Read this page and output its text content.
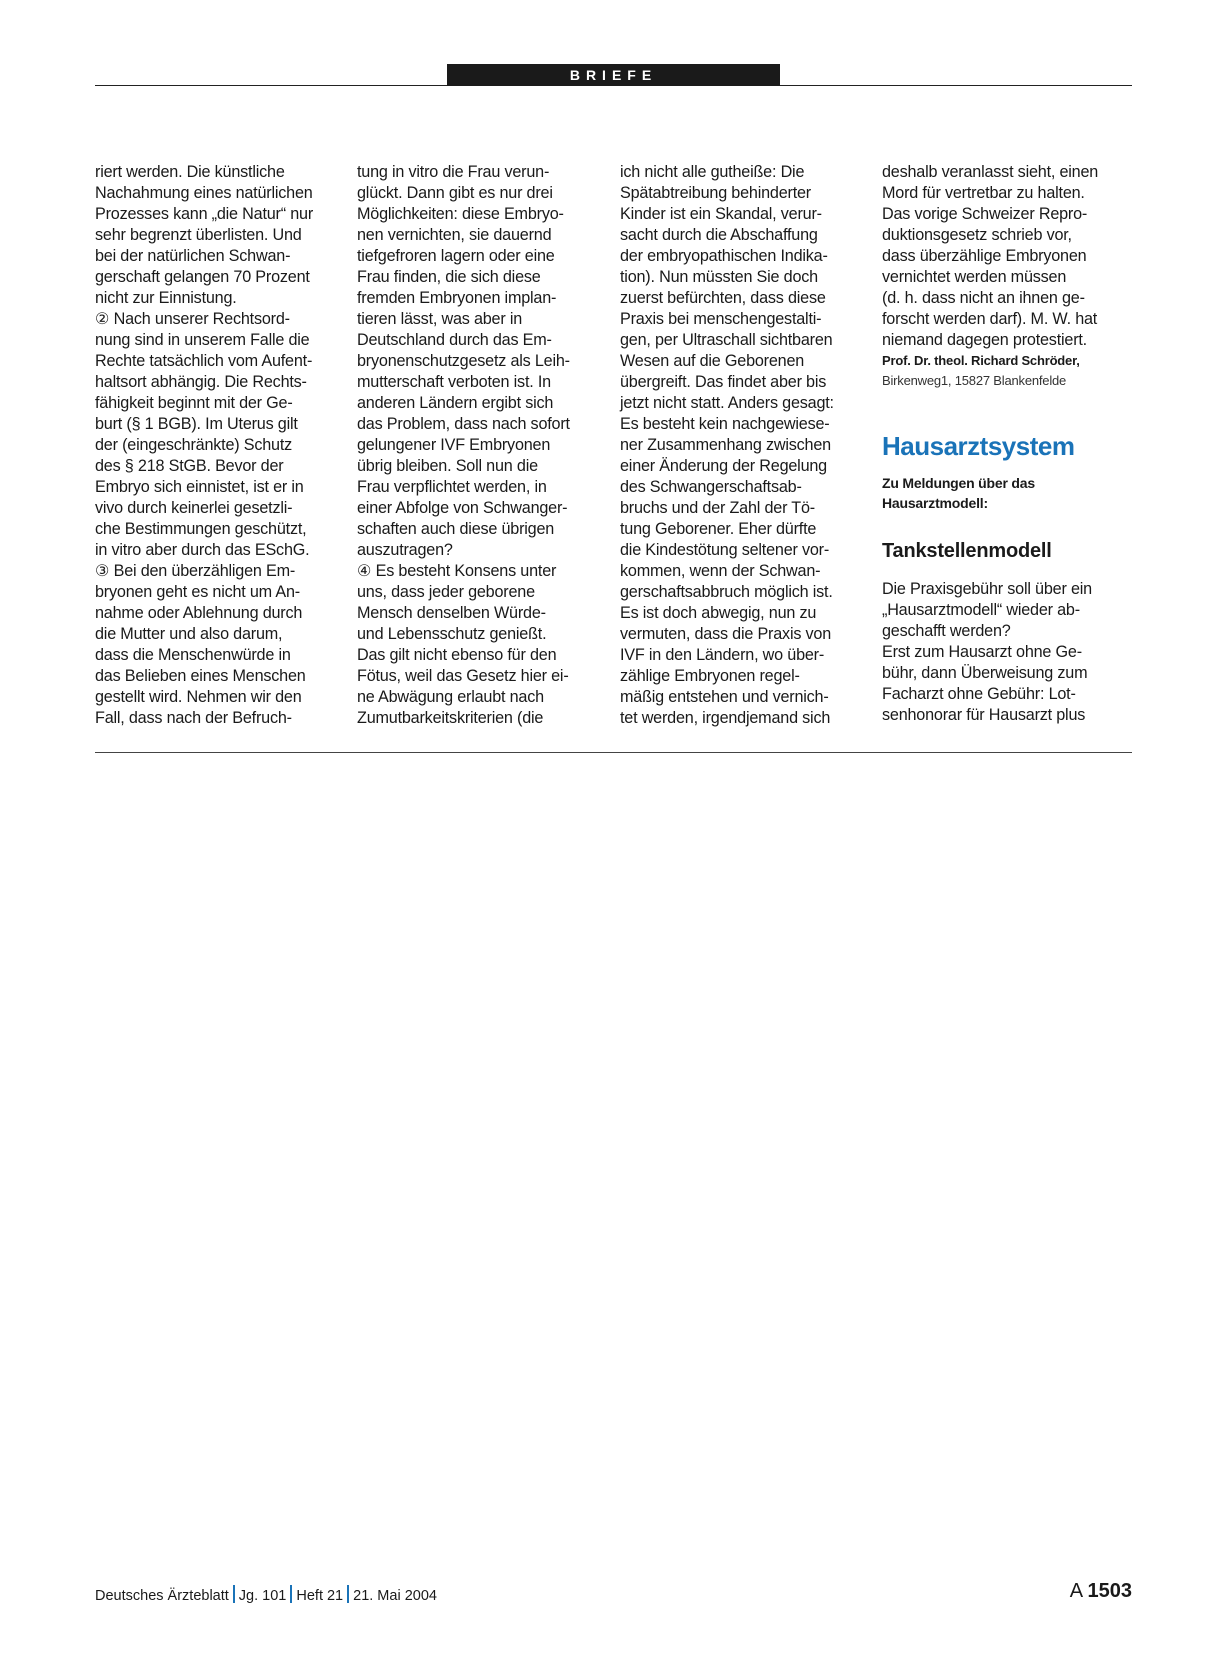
BRIEFE
riert werden. Die künstliche
Nachahmung eines natürlichen
Prozesses kann „die Natur“ nur
sehr begrenzt überlisten. Und
bei der natürlichen Schwan-
gerschaft gelangen 70 Prozent
nicht zur Einnistung.
② Nach unserer Rechtsord-
nung sind in unserem Falle die
Rechte tatsächlich vom Aufent-
haltsort abhängig. Die Rechts-
fähigkeit beginnt mit der Ge-
burt (§ 1 BGB). Im Uterus gilt
der (eingeschränkte) Schutz
des § 218 StGB. Bevor der
Embryo sich einnistet, ist er in
vivo durch keinerlei gesetzli-
che Bestimmungen geschützt,
in vitro aber durch das ESchG.
③ Bei den überzähligen Em-
bryonen geht es nicht um An-
nahme oder Ablehnung durch
die Mutter und also darum,
dass die Menschenwürde in
das Belieben eines Menschen
gestellt wird. Nehmen wir den
Fall, dass nach der Befruch-
tung in vitro die Frau verun-
glückt. Dann gibt es nur drei
Möglichkeiten: diese Embryo-
nen vernichten, sie dauernd
tiefgefroren lagern oder eine
Frau finden, die sich diese
fremden Embryonen implan-
tieren lässt, was aber in
Deutschland durch das Em-
bryonenschutzgesetz als Leih-
mutterschaft verboten ist. In
anderen Ländern ergibt sich
das Problem, dass nach sofort
gelungener IVF Embryonen
übrig bleiben. Soll nun die
Frau verpflichtet werden, in
einer Abfolge von Schwanger-
schaften auch diese übrigen
auszutragen?
④ Es besteht Konsens unter
uns, dass jeder geborene
Mensch denselben Würde-
und Lebensschutz genießt.
Das gilt nicht ebenso für den
Fötus, weil das Gesetz hier ei-
ne Abwägung erlaubt nach
Zumutbarkeitskriterien (die
ich nicht alle gutheiße: Die
Spätabtreibung behinderter
Kinder ist ein Skandal, verur-
sacht durch die Abschaffung
der embryopathischen Indika-
tion). Nun müssten Sie doch
zuerst befürchten, dass diese
Praxis bei menschengestalti-
gen, per Ultraschall sichtbaren
Wesen auf die Geborenen
übergreift. Das findet aber bis
jetzt nicht statt. Anders gesagt:
Es besteht kein nachgewiese-
ner Zusammenhang zwischen
einer Änderung der Regelung
des Schwangerschaftsab-
bruchs und der Zahl der Tö-
tung Geborener. Eher dürfte
die Kindestötung seltener vor-
kommen, wenn der Schwan-
gerschaftsabbruch möglich ist.
Es ist doch abwegig, nun zu
vermuten, dass die Praxis von
IVF in den Ländern, wo über-
zählige Embryonen regel-
mäßig entstehen und vernich-
tet werden, irgendjemand sich
deshalb veranlasst sieht, einen
Mord für vertretbar zu halten.
Das vorige Schweizer Repro-
duktionsgesetz schrieb vor,
dass überzählige Embryonen
vernichtet werden müssen
(d. h. dass nicht an ihnen ge-
forscht werden darf). M. W. hat
niemand dagegen protestiert.
Prof. Dr. theol. Richard Schröder,
Birkenweg1, 15827 Blankenfelde
Hausarztsystem
Zu Meldungen über das
Hausarztmodell:
Tankstellenmodell
Die Praxisgebühr soll über ein
„Hausarztmodell“ wieder ab-
geschafft werden?
Erst zum Hausarzt ohne Ge-
bühr, dann Überweisung zum
Facharzt ohne Gebühr: Lot-
senhonorar für Hausarzt plus
Deutsches Ärzteblatt Jg. 101 Heft 21 21. Mai 2004	A 1503
